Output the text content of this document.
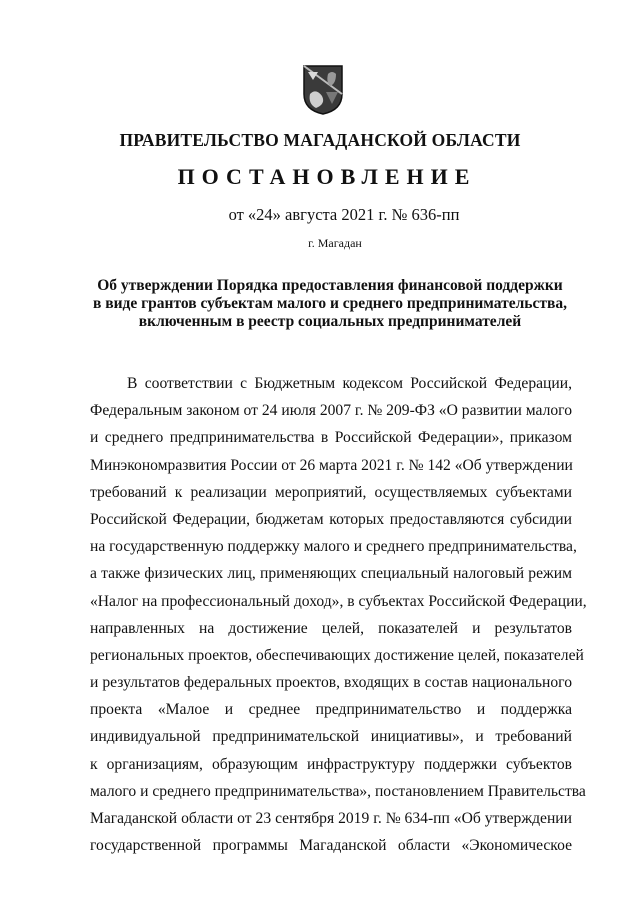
ПРАВИТЕЛЬСТВО МАГАДАНСКОЙ ОБЛАСТИ
ПОСТАНОВЛЕНИЕ
от «24» августа 2021 г. № 636-пп
г. Магадан
Об утверждении Порядка предоставления финансовой поддержки
в виде грантов субъектам малого и среднего предпринимательства,
включенным в реестр социальных предпринимателей
В соответствии с Бюджетным кодексом Российской Федерации,
Федеральным законом от 24 июля 2007 г. № 209-ФЗ «О развитии малого
и среднего предпринимательства в Российской Федерации», приказом
Минэкономразвития России от 26 марта 2021 г. № 142 «Об утверждении
требований к реализации мероприятий, осуществляемых субъектами
Российской Федерации, бюджетам которых предоставляются субсидии
на государственную поддержку малого и среднего предпринимательства,
а также физических лиц, применяющих специальный налоговый режим
«Налог на профессиональный доход», в субъектах Российской Федерации,
направленных на достижение целей, показателей и результатов
региональных проектов, обеспечивающих достижение целей, показателей
и результатов федеральных проектов, входящих в состав национального
проекта «Малое и среднее предпринимательство и поддержка
индивидуальной предпринимательской инициативы», и требований
к организациям, образующим инфраструктуру поддержки субъектов
малого и среднего предпринимательства», постановлением Правительства
Магаданской области от 23 сентября 2019 г. № 634-пп «Об утверждении
государственной программы Магаданской области «Экономическое
